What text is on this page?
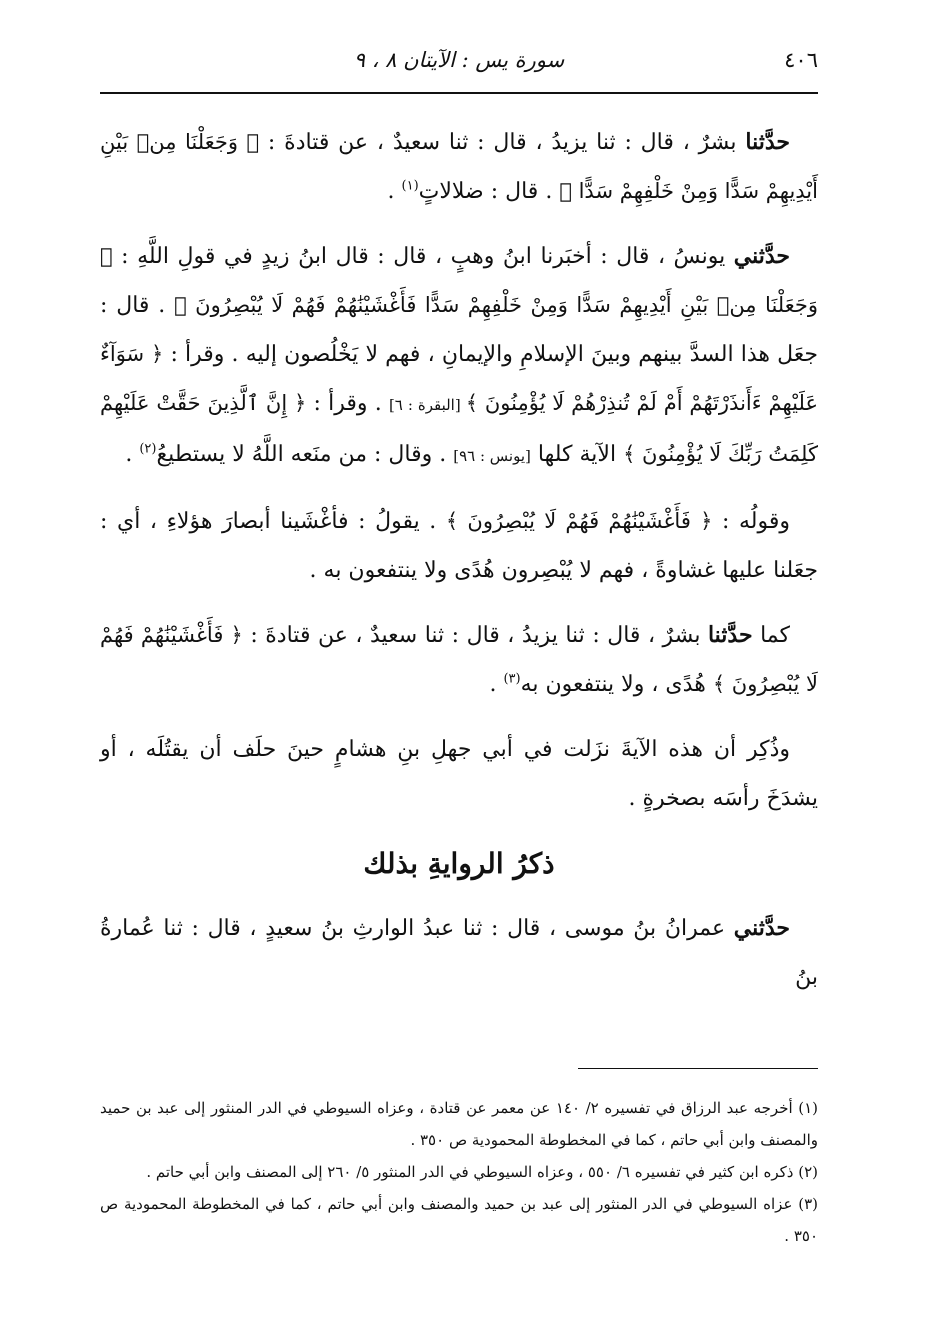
٤٠٦
سورة يس : الآيتان ٨ ، ٩

حدَّثنا بشرٌ ، قال : ثنا يزيدُ ، قال : ثنا سعيدٌ ، عن قتادةَ : ﴿ وَجَعَلْنَا مِنۢ بَيْنِ أَيْدِيهِمْ سَدًّا وَمِنْ خَلْفِهِمْ سَدًّا ﴾ . قال : ضلالاتٍ$^{(١)}$ .

حدَّثني يونسُ ، قال : أخبَرنا ابنُ وهبٍ ، قال : قال ابنُ زيدٍ في قولِ اللَّهِ : ﴿ وَجَعَلْنَا مِنۢ بَيْنِ أَيْدِيهِمْ سَدًّا وَمِنْ خَلْفِهِمْ سَدًّا فَأَغْشَيْنَٰهُمْ فَهُمْ لَا يُبْصِرُونَ ﴾ . قال : جعَل هذا السدَّ بينهم وبينَ الإسلامِ والإيمانِ ، فهم لا يَخْلُصون إليه . وقرأ : ﴿ سَوَآءٌ عَلَيْهِمْ ءَأَنذَرْتَهُمْ أَمْ لَمْ تُنذِرْهُمْ لَا يُؤْمِنُونَ ﴾ [البقرة : ٦] . وقرأ : ﴿ إِنَّ ٱلَّذِينَ حَقَّتْ عَلَيْهِمْ كَلِمَتُ رَبِّكَ لَا يُؤْمِنُونَ ﴾ الآية كلها [يونس : ٩٦] . وقال : من منَعه اللَّهُ لا يستطيعُ$^{(٢)}$ .

وقولُه : ﴿ فَأَغْشَيْنَٰهُمْ فَهُمْ لَا يُبْصِرُونَ ﴾ . يقولُ : فأغْشَينا أبصارَ هؤلاءِ ، أي : جعَلنا عليها غشاوةً ، فهم لا يُبْصِرون هُدًى ولا ينتفعون به .

كما حدَّثنا بشرٌ ، قال : ثنا يزيدُ ، قال : ثنا سعيدٌ ، عن قتادةَ : ﴿ فَأَغْشَيْنَٰهُمْ فَهُمْ لَا يُبْصِرُونَ ﴾ هُدًى ، ولا ينتفعون به$^{(٣)}$ .

وذُكِر أن هذه الآيةَ نزَلت في أبي جهلِ بنِ هشامٍ حينَ حلَف أن يقتُلَه ، أو يشدَخَ رأسَه بصخرةٍ .

ذكرُ الروايةِ بذلك

حدَّثني عمرانُ بنُ موسى ، قال : ثنا عبدُ الوارثِ بنُ سعيدٍ ، قال : ثنا عُمارةُ بنُ

(١) أخرجه عبد الرزاق في تفسيره ٢/ ١٤٠ عن معمر عن قتادة ، وعزاه السيوطي في الدر المنثور إلى عبد بن حميد والمصنف وابن أبي حاتم ، كما في المخطوطة المحمودية ص ٣٥٠ .

(٢) ذكره ابن كثير في تفسيره ٦/ ٥٥٠ ، وعزاه السيوطي في الدر المنثور ٥/ ٢٦٠ إلى المصنف وابن أبي حاتم .

(٣) عزاه السيوطي في الدر المنثور إلى عبد بن حميد والمصنف وابن أبي حاتم ، كما في المخطوطة المحمودية ص ٣٥٠ .
